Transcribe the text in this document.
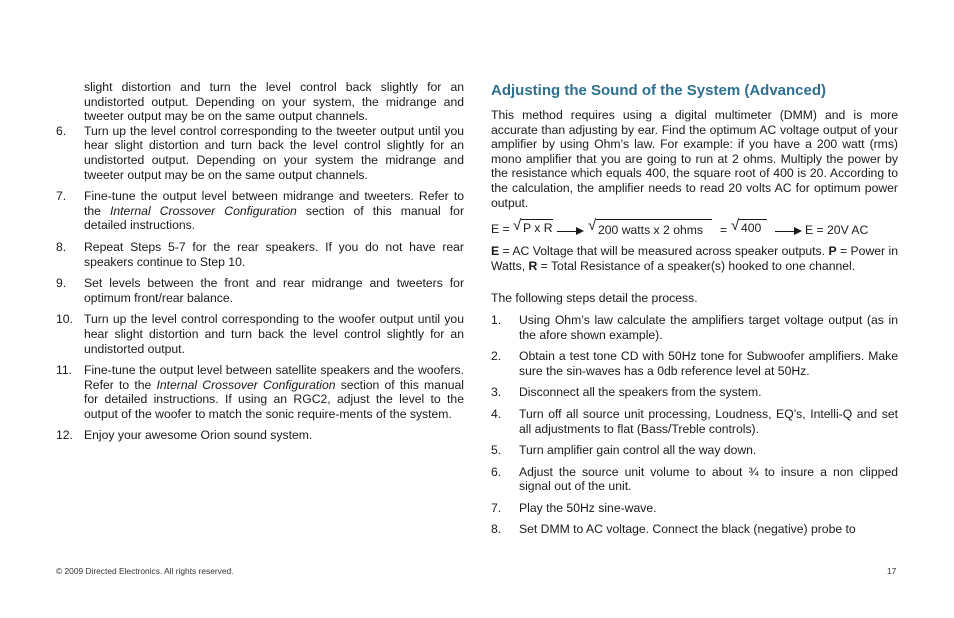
slight distortion and turn the level control back slightly for an undistorted output. Depending on your system, the midrange and tweeter output may be on the same output channels.

6. Turn up the level control corresponding to the tweeter output until you hear slight distortion and turn back the level control slightly for an undistorted output. Depending on your system the midrange and tweeter output may be on the same output channels.
7. Fine-tune the output level between midrange and tweeters. Refer to the Internal Crossover Configuration section of this manual for detailed instructions.
8. Repeat Steps 5-7 for the rear speakers. If you do not have rear speakers continue to Step 10.
9. Set levels between the front and rear midrange and tweeters for optimum front/rear balance.
10. Turn up the level control corresponding to the woofer output until you hear slight distortion and turn back the level control slightly for an undistorted output.
11. Fine-tune the output level between satellite speakers and the woofers. Refer to the Internal Crossover Configuration section of this manual for detailed instructions. If using an RGC2, adjust the level to the output of the woofer to match the sonic require-ments of the system.
12. Enjoy your awesome Orion sound system.
Adjusting the Sound of the System (Advanced)

This method requires using a digital multimeter (DMM) and is more accurate than adjusting by ear. Find the optimum AC voltage output of your amplifier by using Ohm’s law. For example: if you have a 200 watt (rms) mono amplifier that you are going to run at 2 ohms. Multiply the power by the resistance which equals 400, the square root of 400 is 20. According to the calculation, the amplifier needs to read 20 volts AC for optimum power output.

E = √ P x R √ 200 watts x 2 ohms = √ 400	E = 20V AC

E = AC Voltage that will be measured across speaker outputs. P = Power in Watts, R = Total Resistance of a speaker(s) hooked to one channel.

The following steps detail the process.

1. Using Ohm’s law calculate the amplifiers target voltage output (as in the afore shown example).
2. Obtain a test tone CD with 50Hz tone for Subwoofer amplifiers. Make sure the sin-waves has a 0db reference level at 50Hz.
3. Disconnect all the speakers from the system.
4. Turn off all source unit processing, Loudness, EQ’s, Intelli-Q and set all adjustments to flat (Bass/Treble controls).
5. Turn amplifier gain control all the way down.
6. Adjust the source unit volume to about ¾ to insure a non clipped signal out of the unit.
7. Play the 50Hz sine-wave.
8. Set DMM to AC voltage. Connect the black (negative) probe to
© 2009 Directed Electronics. All rights reserved.	17
